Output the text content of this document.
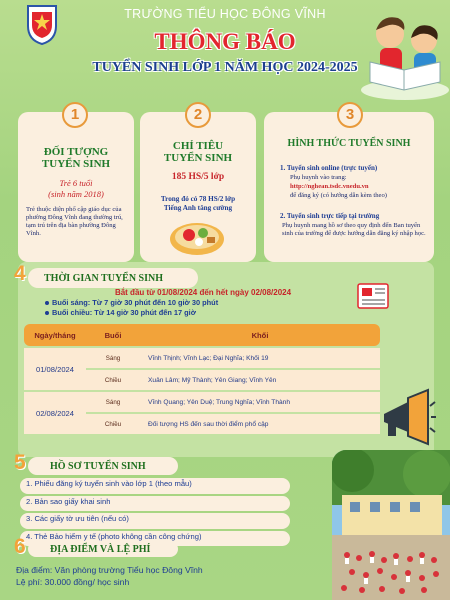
TRƯỜNG TIỂU HỌC ĐÔNG VĨNH
THÔNG BÁO
TUYỂN SINH LỚP 1 NĂM HỌC 2024-2025
1
ĐỐI TƯỢNG
TUYỂN SINH
Trẻ 6 tuổi
(sinh năm 2018)
Trẻ thuộc diện phổ cập giáo dục của phường Đông Vĩnh đang thường trú, tạm trú trên địa bàn phường Đông Vĩnh.
2
CHỈ TIÊU
TUYỂN SINH
185 HS/5 lớp
Trong đó có 78 HS/2 lớp
Tiếng Anh tăng cường
3
HÌNH THỨC TUYỂN SINH
1. Tuyển sinh online (trực tuyến)
Phụ huynh vào trang:
http://nghean.tsdc.vnedu.vn
để đăng ký (có hướng dẫn kèm theo)
2. Tuyển sinh trực tiếp tại trường
Phụ huynh mang hồ sơ theo quy định đến Ban tuyển sinh của trường để được hướng dẫn đăng ký nhập học.
4 THỜI GIAN TUYỂN SINH
Bắt đầu từ 01/08/2024 đến hết ngày 02/08/2024
Buổi sáng: Từ 7 giờ 30 phút đến 10 giờ 30 phút
Buổi chiều: Từ 14 giờ 30 phút đến 17 giờ
Ngày/tháng	Buổi	Khối
01/08/2024	Sáng	Vĩnh Thịnh; Vĩnh Lạc; Đại Nghĩa; Khối 19
	Chiều	Xuân Lâm; Mỹ Thành; Yên Giang; Vĩnh Yên
02/08/2024	Sáng	Vĩnh Quang; Yên Duệ; Trung Nghĩa; Vĩnh Thành
	Chiều	Đối tượng HS đến sau thời điểm phổ cập
5 HỒ SƠ TUYỂN SINH
1. Phiếu đăng ký tuyển sinh vào lớp 1 (theo mẫu)
2. Bản sao giấy khai sinh
3. Các giấy tờ ưu tiên (nếu có)
4. Thẻ Bảo hiểm y tế (photo không cần công chứng)
6 ĐỊA ĐIỂM VÀ LỆ PHÍ
Địa điểm: Văn phòng trường Tiểu học Đông Vĩnh
Lệ phí: 30.000 đồng/ học sinh
